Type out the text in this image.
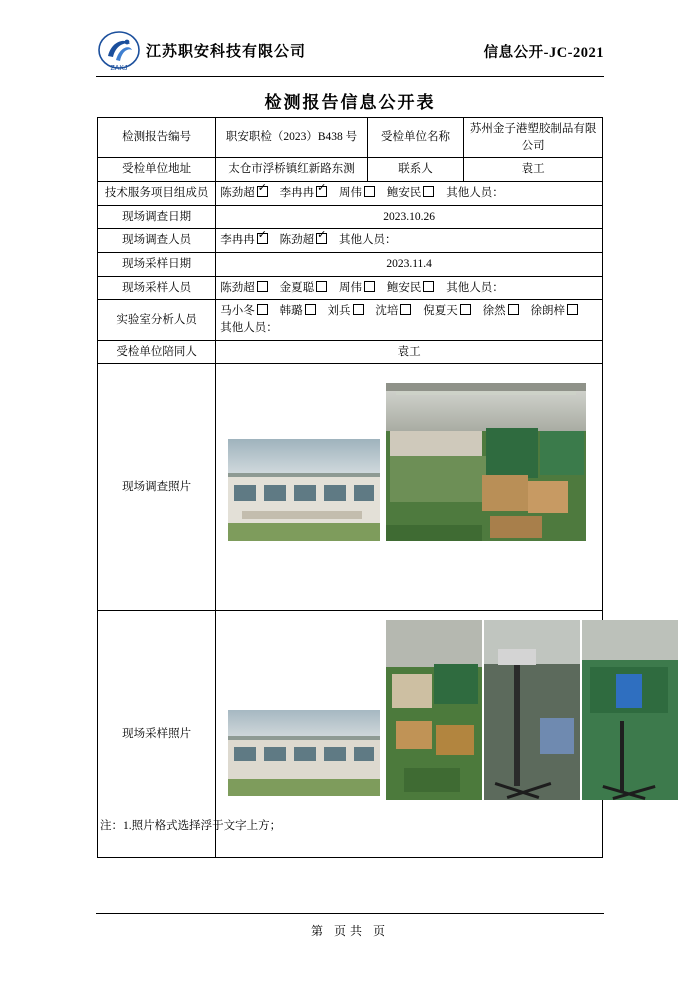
ZAKJ
江苏职安科技有限公司	信息公开-JC-2021
检测报告信息公开表
检测报告编号	职安职检（2023）B438 号	受检单位名称	苏州金子港塑胶制品有限公司
受检单位地址	太仓市浮桥镇红新路东测	联系人	袁工
技术服务项目组成员	陈劲超 ✓ 李冉冉 ✓ 周伟 鲍安民 其他人员：
现场调查日期	2023.10.26		
现场调查人员	李冉冉 ✓ 陈劲超 ✓ 其他人员：
现场采样日期	2023.11.4		
现场采样人员	陈劲超 金夏聪 周伟 鲍安民 其他人员：		
实验室分析人员	马小冬 韩璐 刘兵 沈培 倪夏天 徐然 徐朗梓
其他人员：		

受检单位陪同人	袁工		
现场调查照片			

现场采样照片			
注：1.照片格式选择浮于文字上方；
第 页共 页
